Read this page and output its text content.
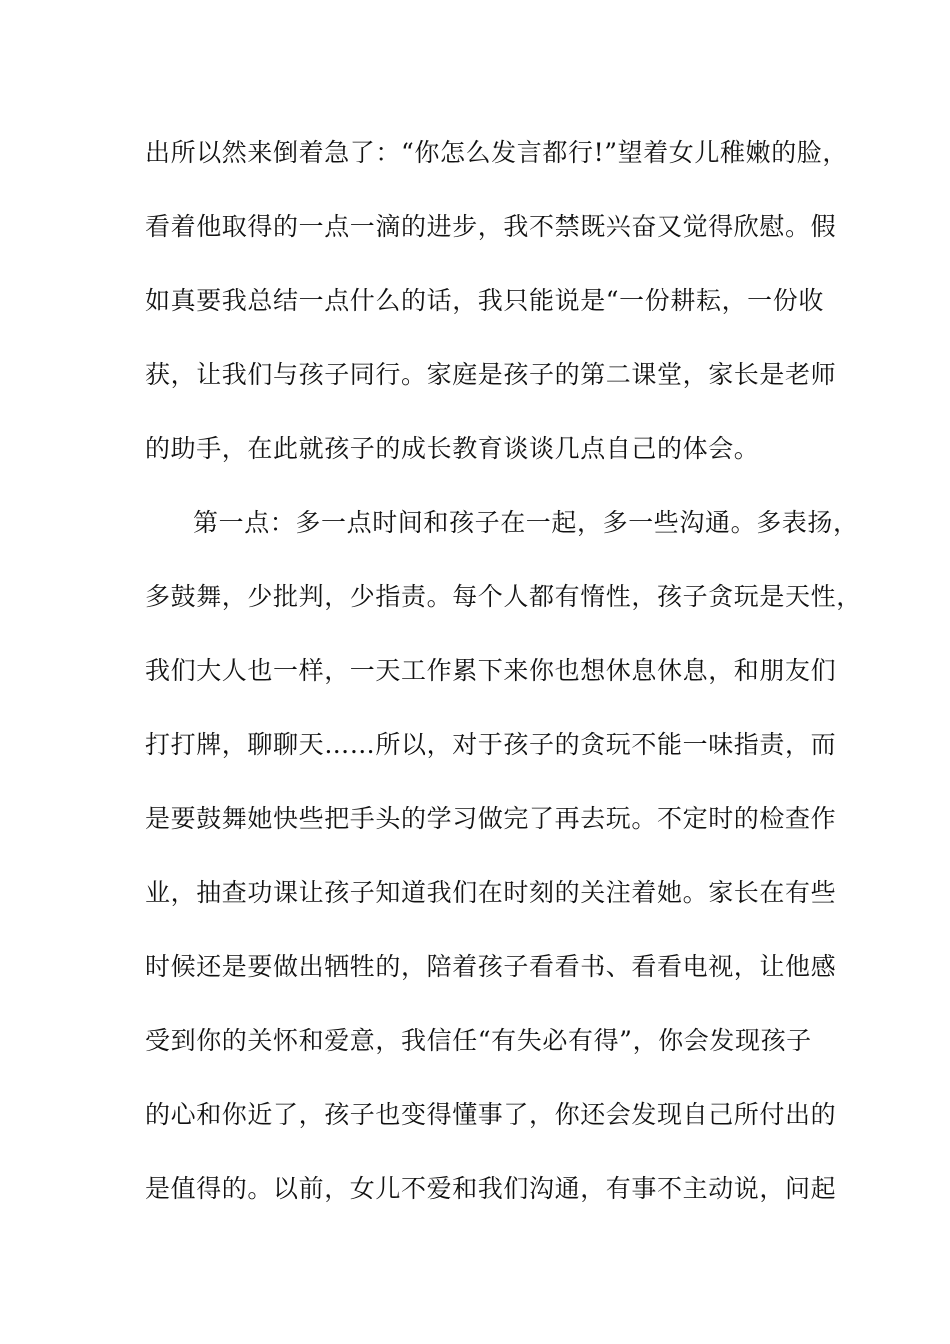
出所以然来倒着急了：“你怎么发言都行!”望着女儿稚嫩的脸，
看着他取得的一点一滴的进步，我不禁既兴奋又觉得欣慰。假
如真要我总结一点什么的话，我只能说是“一份耕耘，一份收
获，让我们与孩子同行。家庭是孩子的第二课堂，家长是老师
的助手，在此就孩子的成长教育谈谈几点自己的体会。
第一点：多一点时间和孩子在一起，多一些沟通。多表扬，
多鼓舞，少批判，少指责。每个人都有惰性，孩子贪玩是天性，
我们大人也一样，一天工作累下来你也想休息休息，和朋友们
打打牌，聊聊天……所以，对于孩子的贪玩不能一味指责，而
是要鼓舞她快些把手头的学习做完了再去玩。不定时的检查作
业，抽查功课让孩子知道我们在时刻的关注着她。家长在有些
时候还是要做出牺牲的，陪着孩子看看书、看看电视，让他感
受到你的关怀和爱意，我信任“有失必有得”，你会发现孩子
的心和你近了，孩子也变得懂事了，你还会发现自己所付出的
是值得的。以前，女儿不爱和我们沟通，有事不主动说，问起
